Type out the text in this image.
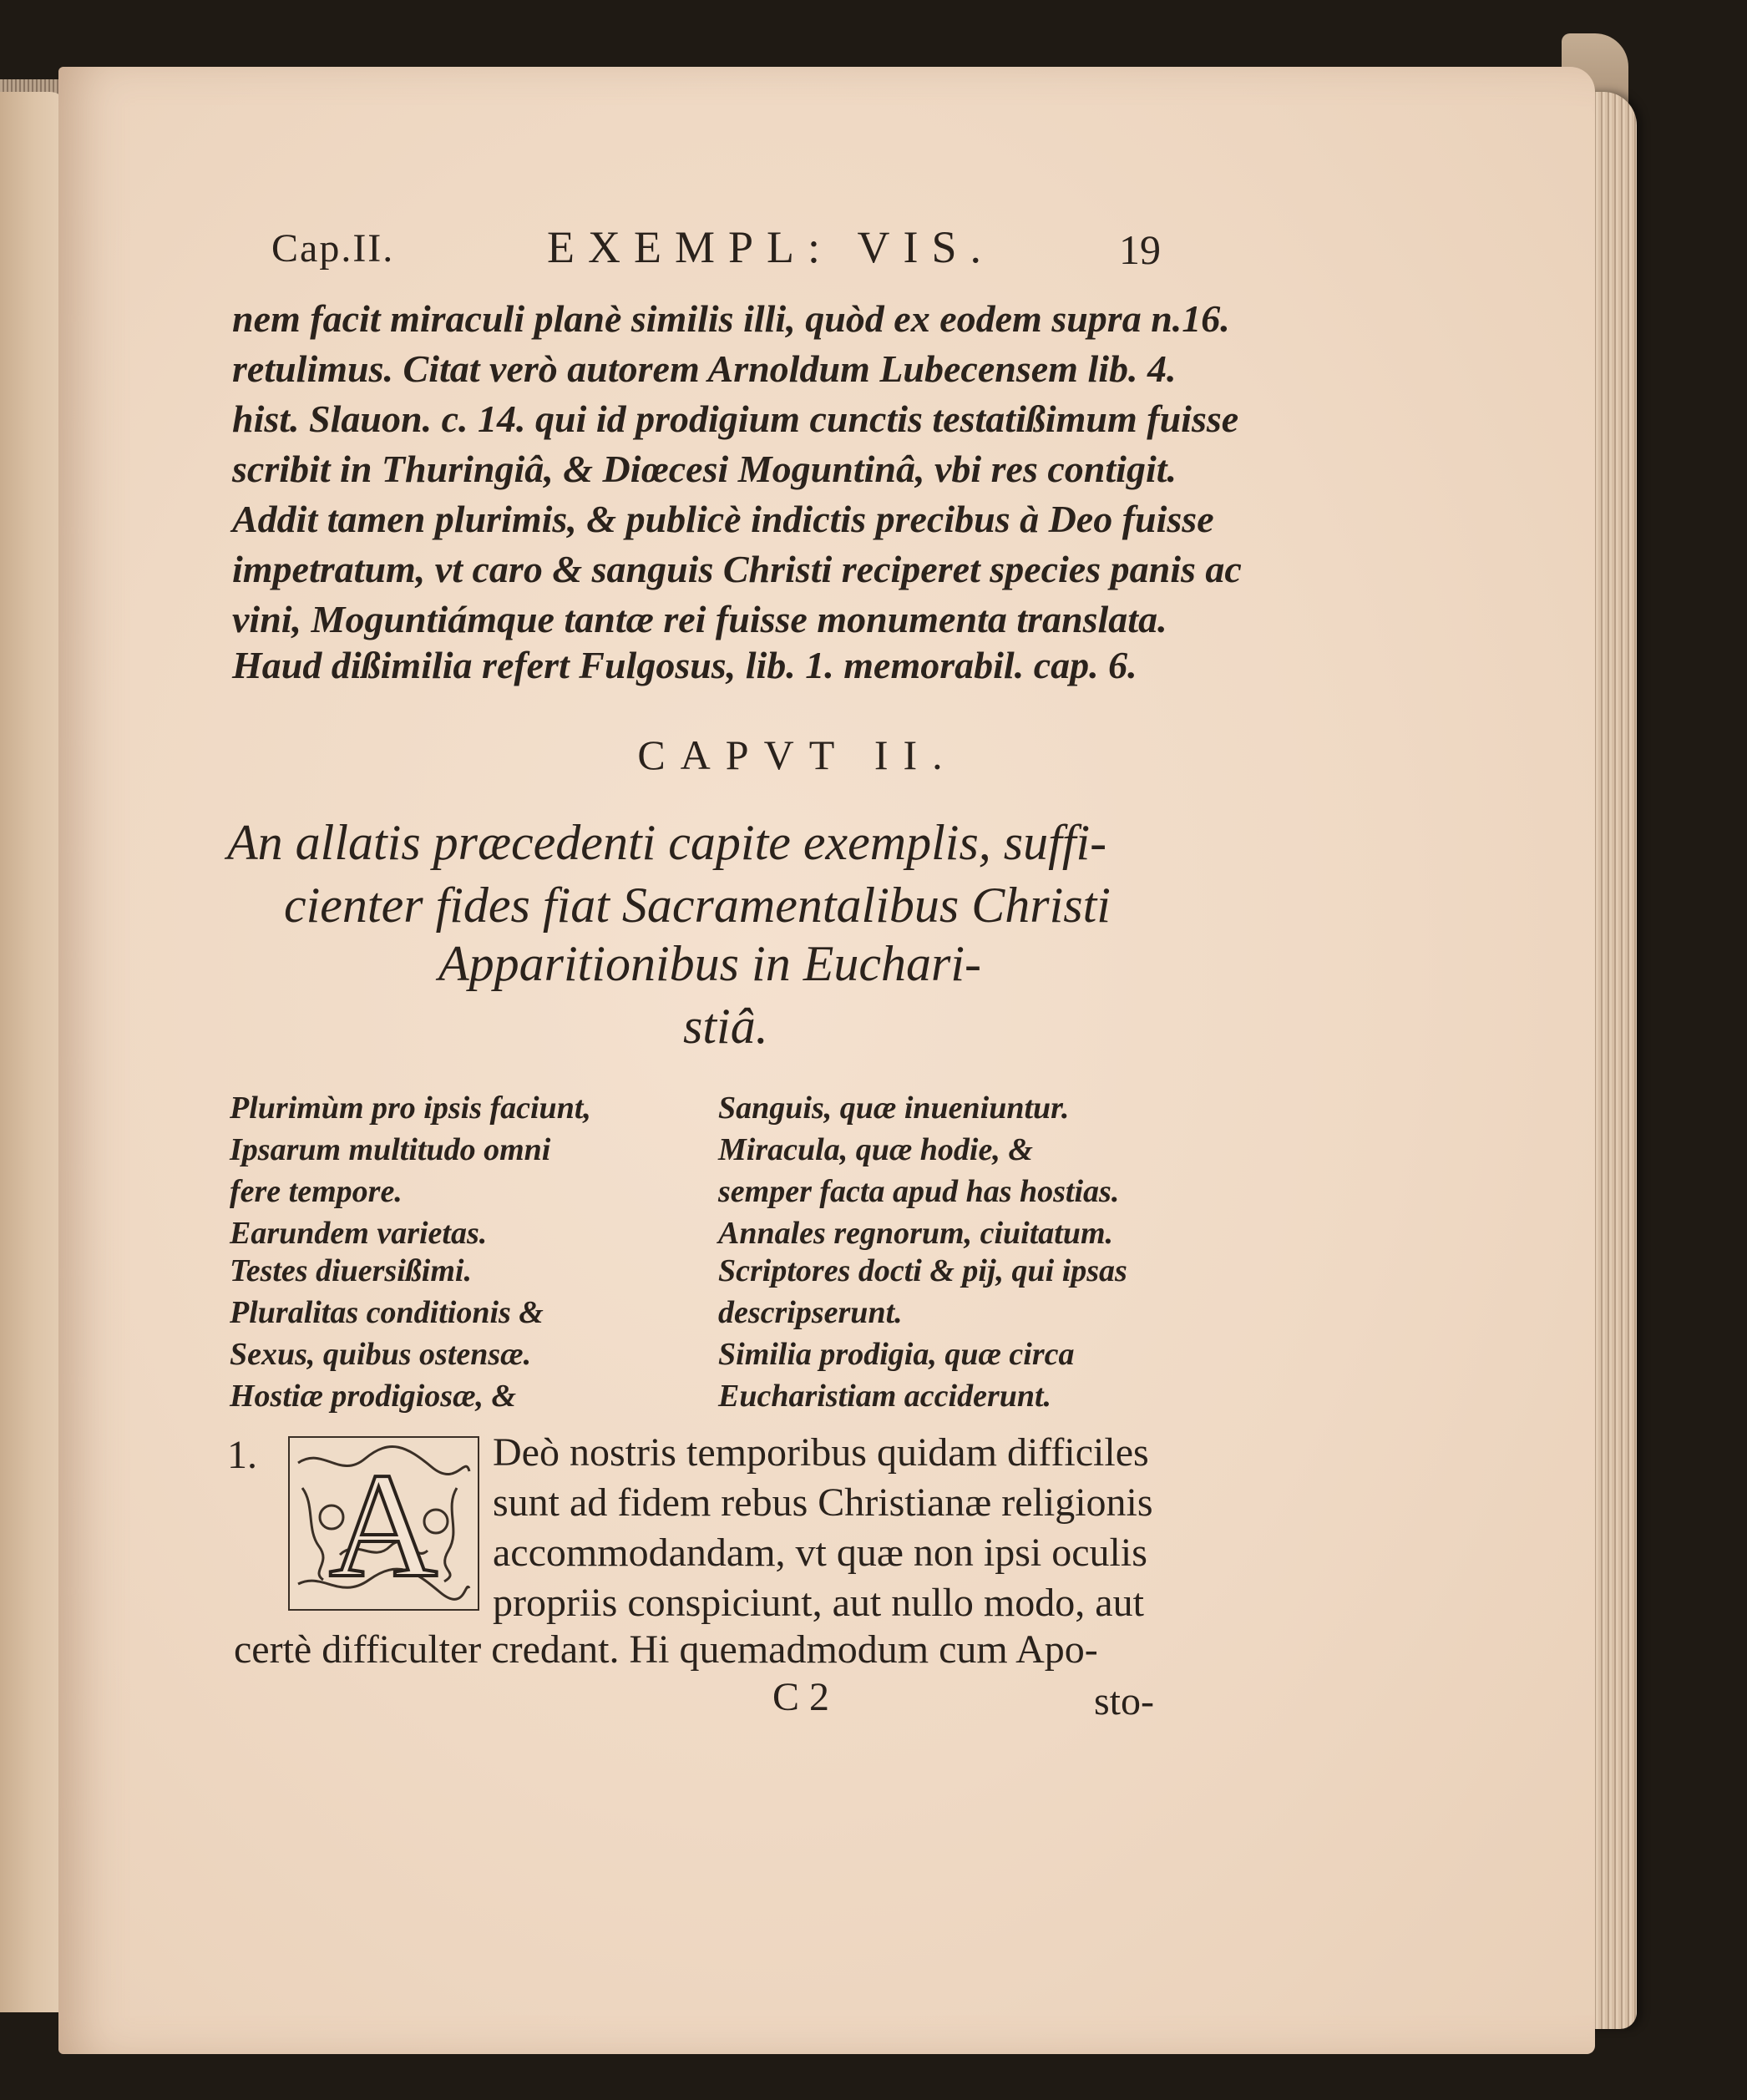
Cap.II.	EXEMPL: VIS.	19
nem facit miraculi planè similis illi, quòd ex eodem supra n.16.
retulimus. Citat verò autorem Arnoldum Lubecensem lib. 4.
hist. Slauon. c. 14. qui id prodigium cunctis testatißimum fuisse
scribit in Thuringiâ, & Diœcesi Moguntinâ, vbi res contigit.
Addit tamen plurimis, & publicè indictis precibus à Deo fuisse
impetratum, vt caro & sanguis Christi reciperet species panis ac
vini, Moguntiámque tantæ rei fuisse monumenta translata.
Haud dißimilia refert Fulgosus, lib. 1. memorabil. cap. 6.
CAPVT II.
An allatis præcedenti capite exemplis, suffi-
cienter fides fiat Sacramentalibus Christi
Apparitionibus in Euchari-
stiâ.
Plurimùm pro ipsis faciunt,
Ipsarum multitudo omni
fere tempore.
Earundem varietas.
Testes diuersißimi.
Pluralitas conditionis &
Sexus, quibus ostensæ.
Hostiæ prodigiosæ, &
Sanguis, quæ inueniuntur.
Miracula, quæ hodie, &
semper facta apud has hostias.
Annales regnorum, ciuitatum.
Scriptores docti & pij, qui ipsas
descripserunt.
Similia prodigia, quæ circa
Eucharistiam acciderunt.
1. A Deò nostris temporibus quidam difficiles
sunt ad fidem rebus Christianæ religionis
accommodandam, vt quæ non ipsi oculis
propriis conspiciunt, aut nullo modo, aut
certè difficulter credant. Hi quemadmodum cum Apo-
C 2	sto-
